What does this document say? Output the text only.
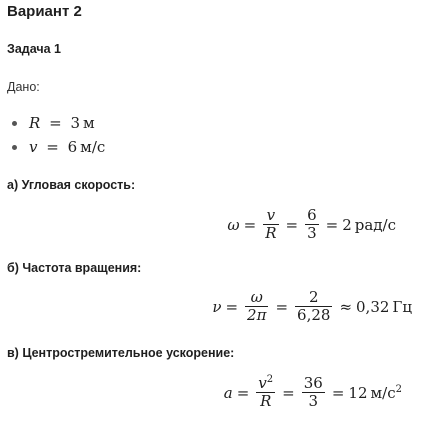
Вариант 2
Задача 1
Дано:
R = 3 м
v = 6 м/с
а) Угловая скорость:
$\omega = \frac{v}{R} = \frac{6}{3} = 2$ рад/с
б) Частота вращения:
$\nu = \frac{\omega}{2\pi} = \frac{2}{6,28} \approx 0,32$ Гц
в) Центростремительное ускорение:
$a = \frac{v^2}{R} = \frac{36}{3} = 12$ $м/с^2$
